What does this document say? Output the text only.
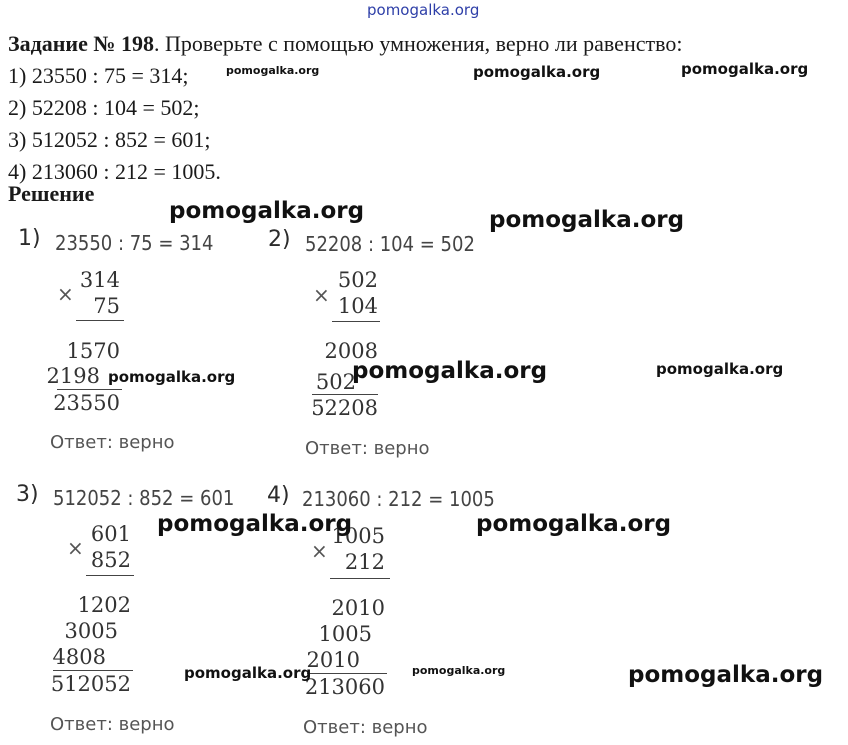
pomogalka.org
Задание № 198. Проверьте с помощью умножения, верно ли равенство:
1) 23550 : 75 = 314;
2) 52208 : 104 = 502;
3) 512052 : 852 = 601;
4) 213060 : 212 = 1005.
Решение
1) 23550 : 75 = 314
×
314
75
1570
2198
23550
Ответ: верно
2) 52208 : 104 = 502
×
502
104
2008
502
52208
Ответ: верно
3) 512052 : 852 = 601
×
601
852
1202
3005
4808
512052
Ответ: верно
4) 213060 : 212 = 1005
×
1005
212
2010
1005
2010
213060
Ответ: верно
pomogalka.org	pomogalka.org	pomogalka.org
pomogalka.org	pomogalka.org
pomogalka.org	pomogalka.org	pomogalka.org
pomogalka.org	pomogalka.org
pomogalka.org	pomogalka.org	pomogalka.org
